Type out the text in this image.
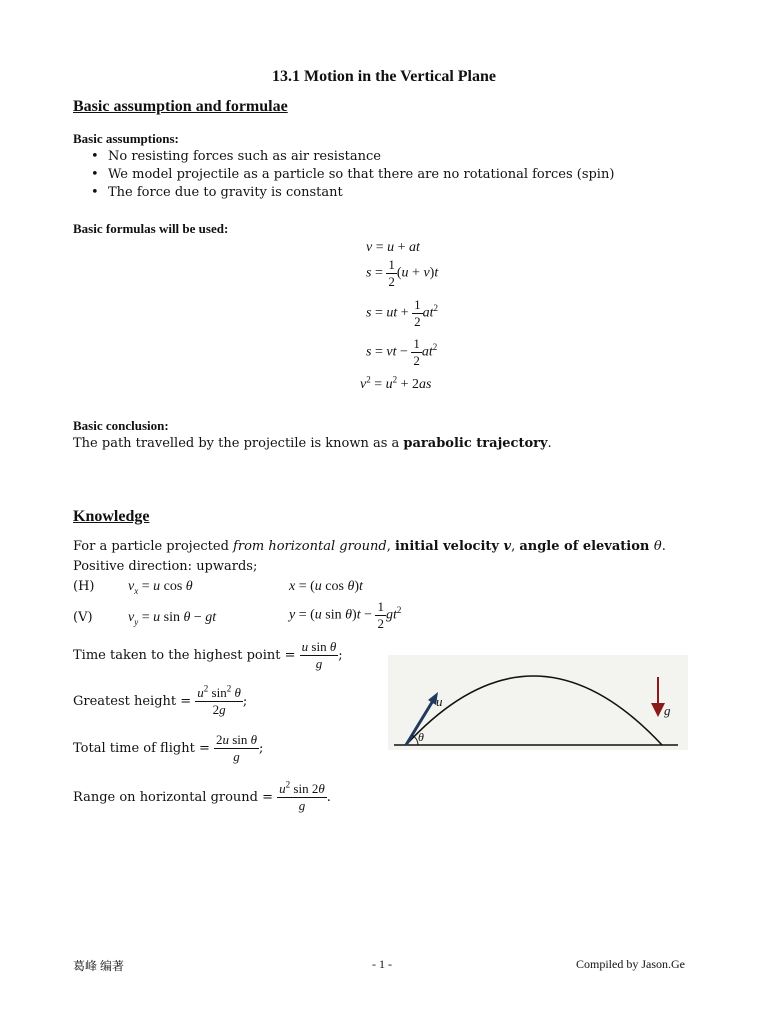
13.1 Motion in the Vertical Plane
Basic assumption and formulae
Basic assumptions:
• No resisting forces such as air resistance
• We model projectile as a particle so that there are no rotational forces (spin)
• The force due to gravity is constant
Basic formulas will be used:
v = u + at
$s = \frac{1}{2} (u + v)t$
s = ut + $\frac{1}{2} at^2$
s = vt − $\frac{1}{2} at^2$
$v^2 = u^2 + 2as$
Basic conclusion:
The path travelled by the projectile is known as a parabolic trajectory.
Knowledge
For a particle projected from horizontal ground, initial velocity v, angle of elevation θ.
Positive direction: upwards;
(H) $v_x = u$ cos θ	x = (u cos θ)t
(V)	$v_y = u$ sin θ − gt	y = (u $\sin \theta)t - \frac{1}{2} gt^2$
Time taken to the highest point = $\frac{\text{u sin θ}}{g}$ ;
Greatest height = $\frac{u^2 \sin^2 \theta}{2g}$ ;
Total time of flight = $\frac{\text{2u sin θ}}{g}$ ;
Range on horizontal ground = $\frac{u^2 \sin 2\theta}{g}$ .
u
θ
g
葛峰 编著	- 1 -	Compiled by Jason.Ge
